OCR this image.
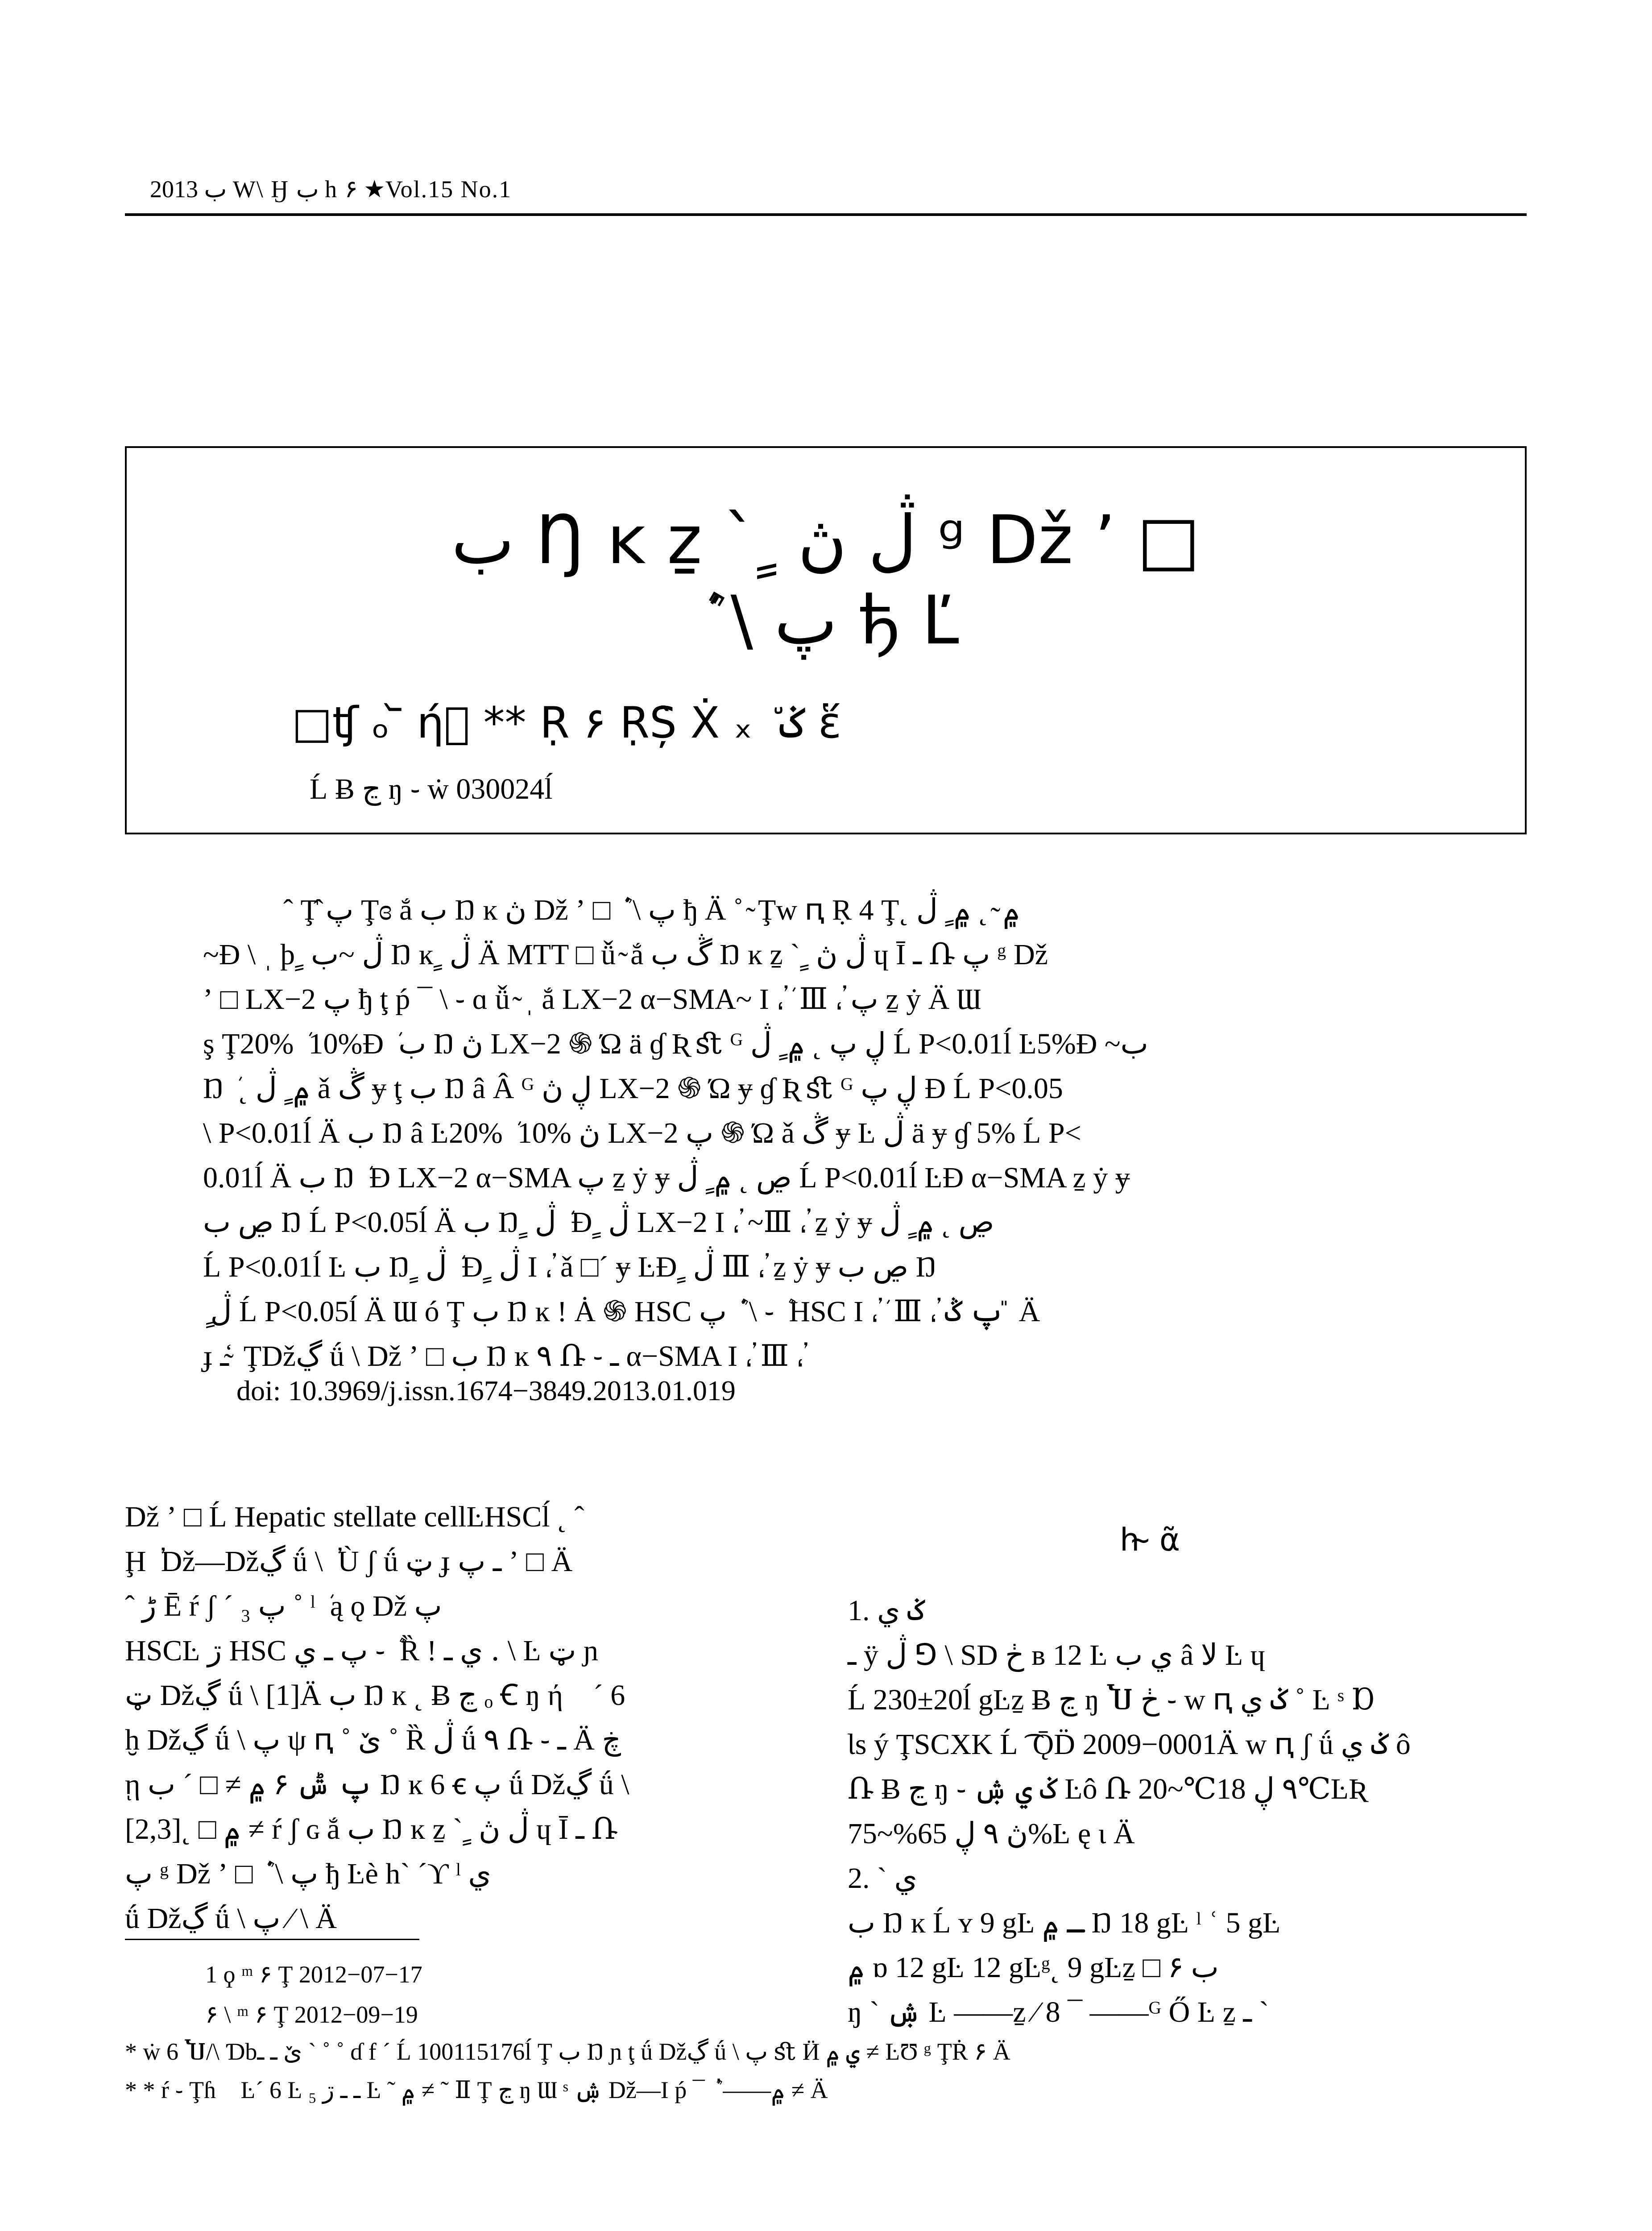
2013 ب W\ Ӈ ب h ۶ ★Vol.15 No.1
ب Ŋ ĸ ẕ ` ٍ ڷ ڽ ᵍ Dž ʼ □
ܿ ܶ \ پ ђ Ľ
□ʧ ₒ ᷅ ή᷍ ** Ṛ ۶ ṚȘ̀ Ẋ ₓ ٘ ݢ ἕ
Ĺ Ƀ ڃ ŋ ֊ ẇ 030024ĺ

ˆ Ţ̂ پ Ţɞ ắ ب Ŋ ĸ ڽ Dž ʼ □ ܿ ܶ \ پ ђ Ä ˚ ̴ Ţw ԥ Ṛ 4 Ţ˛ ۾ ̴ ˛ ۾ ٍ ڷ

~Ɖ \ ˌ þ ٍ ڷ ~ب Ŋ ĸ ٍ ڷ Ä MTT □ ǚ ̴ ắ ڴ ب Ŋ ĸ ẕ ` ٍ ڷ ڽ ɥ Ῑ ـ Ռ پ ᵍ Dž

ʼ □ LX−2 پ ђ ţ ṕ ¯ \ ֊ ɑ ǚ ̴ ˌ ắ LX−2 α−SMA~ Ι ܳ، ܿ Ⅲ ܳ، پ ẕ ẏ Ä Ɯ

ş Ţ20% ܿ 10%Ɖ ܿ ب Ŋ ڽ LX−2 ֍ Ώ ä ɠ Ʀ ﬆ ᴳ ڸ پ ˛ ۾ ٍ ڷ Ĺ P<0.01ĺ Ŀ5%Ɖ ~ب

Ŋ ܿ ˛ ۾ ٍ ڷ ǎ ڴ ɏ ţ ب Ŋ â Â ᴳ ڸ ڽ LX−2 ֍ Ώ ɏ ɠ Ʀ ﬆ ᴳ ڸ پ Ɖ Ĺ P<0.05

\ P<0.01ĺ Ä ب Ŋ â Ŀ20% ܿ 10% ڽ LX−2 پ ֍ Ώ ǎ ڴ ɏ Ŀ ڷ ä ɏ ɠ 5% Ĺ P<

0.01ĺ Ä ب Ŋ ܿ Ɖ LX−2 α−SMA پ ẕ ẏ ɏ ڝ ˛ ۾ ٍ ڷ Ĺ P<0.01ĺ ĿƉ α−SMA ẕ ẏ ɏ

ڝ ب Ŋ Ĺ P<0.05ĺ Ä ب Ŋ ٍ ڷ ܿ Ɖ ٍ ڷ LX−2 Ι ܳ، ~Ⅲ ܳ، ẕ ẏ ɏ ڝ ˛ ۾ ٍ ڷ

Ĺ P<0.01ĺ Ŀ ب Ŋ ٍ ڷ ܿ Ɖ ٍ ڷ Ι ܳ، ǎ □´ ɏ ĿƉ ٍ ڷ Ⅲ ܳ، ẕ ẏ ɏ ڝ ب Ŋ

ٍ ڷ Ĺ P<0.05ĺ Ä Ɯ ó Ţ ب Ŋ ĸ ǃ Ȧ ֍ HSC پ ܿ ܶ \ ֊ ܶ HSC Ι ܳ، ܿ Ⅲ ܳ، پ ݣ ̎ Ä

ɟ ـ ̴̒ ŢDžڲ ǘ \ Dž ʼ □ ب Ŋ ĸ ٩ Ռ ֊ ـ α−SMA Ι ܳ، Ⅲ ܳ،

doi: 10.3969/j.issn.1674−3849.2013.01.019

Dž ʼ □ Ĺ Hepatic stellate cellĿHSCĺ ˛ ˆ

Ḩ ܳ Dž—Džڲ ǘ \ ܳ Ù ʃ ǘ ټ ɟ ـ پ ʼ □ Ä

ˆ ڑ Ē ŕ ʃ ´ ₃ پ ˚ ˡ ܿ ą ǫ Dž پ

HSCĿ ڗ HSC پ ـ ي ֊ ܶ Ȑ ǃ ي ـ ․ \ Ŀ ټ ɲ

ټ Džڲ ǘ \ [1]Ä ب Ŋ ĸ ˛ Ƀ ڃ ₒ Ꞓ ŋ ή᷍ ´ 6

ḫ Džڲ ǘ \ پ ψ ԥ ˚ ێ ˚ Ȑ ڷ ǘ ٩ Ռ ֊ ـ Ä ڿ

ῃ پ ݰ ۶ ۾ ≠ □ ´ ب Ŋ ĸ 6 ꞓ پ ǘ Džڲ ǘ \

[2,3]˛ □ ۾ ≠ ŕ ʃ ɢ ắ ب Ŋ ĸ ẕ ` ٍ ڷ ڽ ɥ Ῑ ـ Ռ

پ ᵍ Dž ʼ □ ܿ ܶ \ پ ђ Ŀè h` ˊϒ ˡ ي

ǘ Džڲ ǘ \ پ ⁄ \ Ä

1 ϙ ᵐ ۶ Ţ 2012−07−17

۶ \ ᵐ ۶ Ţ 2012−09−19

h ̴ ᾶ

1. ݢ ي

ـ ÿ ڷ ⅁ \ SD ڂ ʙ 12 Ŀ ي ب â ﻻ Ŀ ɥ

Ĺ 230±20ĺ gĿẕ Ƀ ڃ ŋ Ⴎ ڂ ֊ w ԥ ݢ ي ˚ Ŀ ˢ Ɒ

Ɩs ý ŢSCXK Ĺ ͡ ǬD̈ 2009−0001Ä w ԥ ʃ ǘ ݢ ي ô

Ռ Ƀ ڃ ŋ ֊ ݢ ي ۺ Ŀô Ռ ٩ ڸ 18℃~20℃ĿƦ

ڽ ٩ ڸ 65%~75%Ŀ ę ɩ Ä

2. ` ي

ب Ŋ ĸ Ĺ ʏ 9 gĿ ـ ۾ Ŋ 18 gĿ ˡ ʿ 5 gĿ

۾ ɒ 12 gĿ 12 gĿᵍ˛ 9 gĿẕ □ ۶ ب

ŋ ` ۺ Ŀ ——ẕ ⁄ 8 ¯ ——ᴳ Ő Ŀ ẕ ـ `

* ẇ 6 Ⴎ/\ Ɗbێ ـ ـ ˋ ˚ ˚ ɗ f ´ Ĺ 100115176ĺ Ţ ب Ŋ ɲ ţ ǘ Džڲ ǘ \ پ ﬆ Ӥ ي ۾ ≠ ĿƱ ᵍ ŢṘ ۶ Ä

* * ŕ ֊ Ţɦ᷍ Ŀ´ 6 Ŀ ـ ـ ڗ ₅ Ŀ ˜ ۾ ≠ ˜ Ⅱ Ţ ڃ ŋ Ɯ ˢ ۺ Dž—Ι ṕ ¯ ܳ ܶ ——۾ ≠ Ä
